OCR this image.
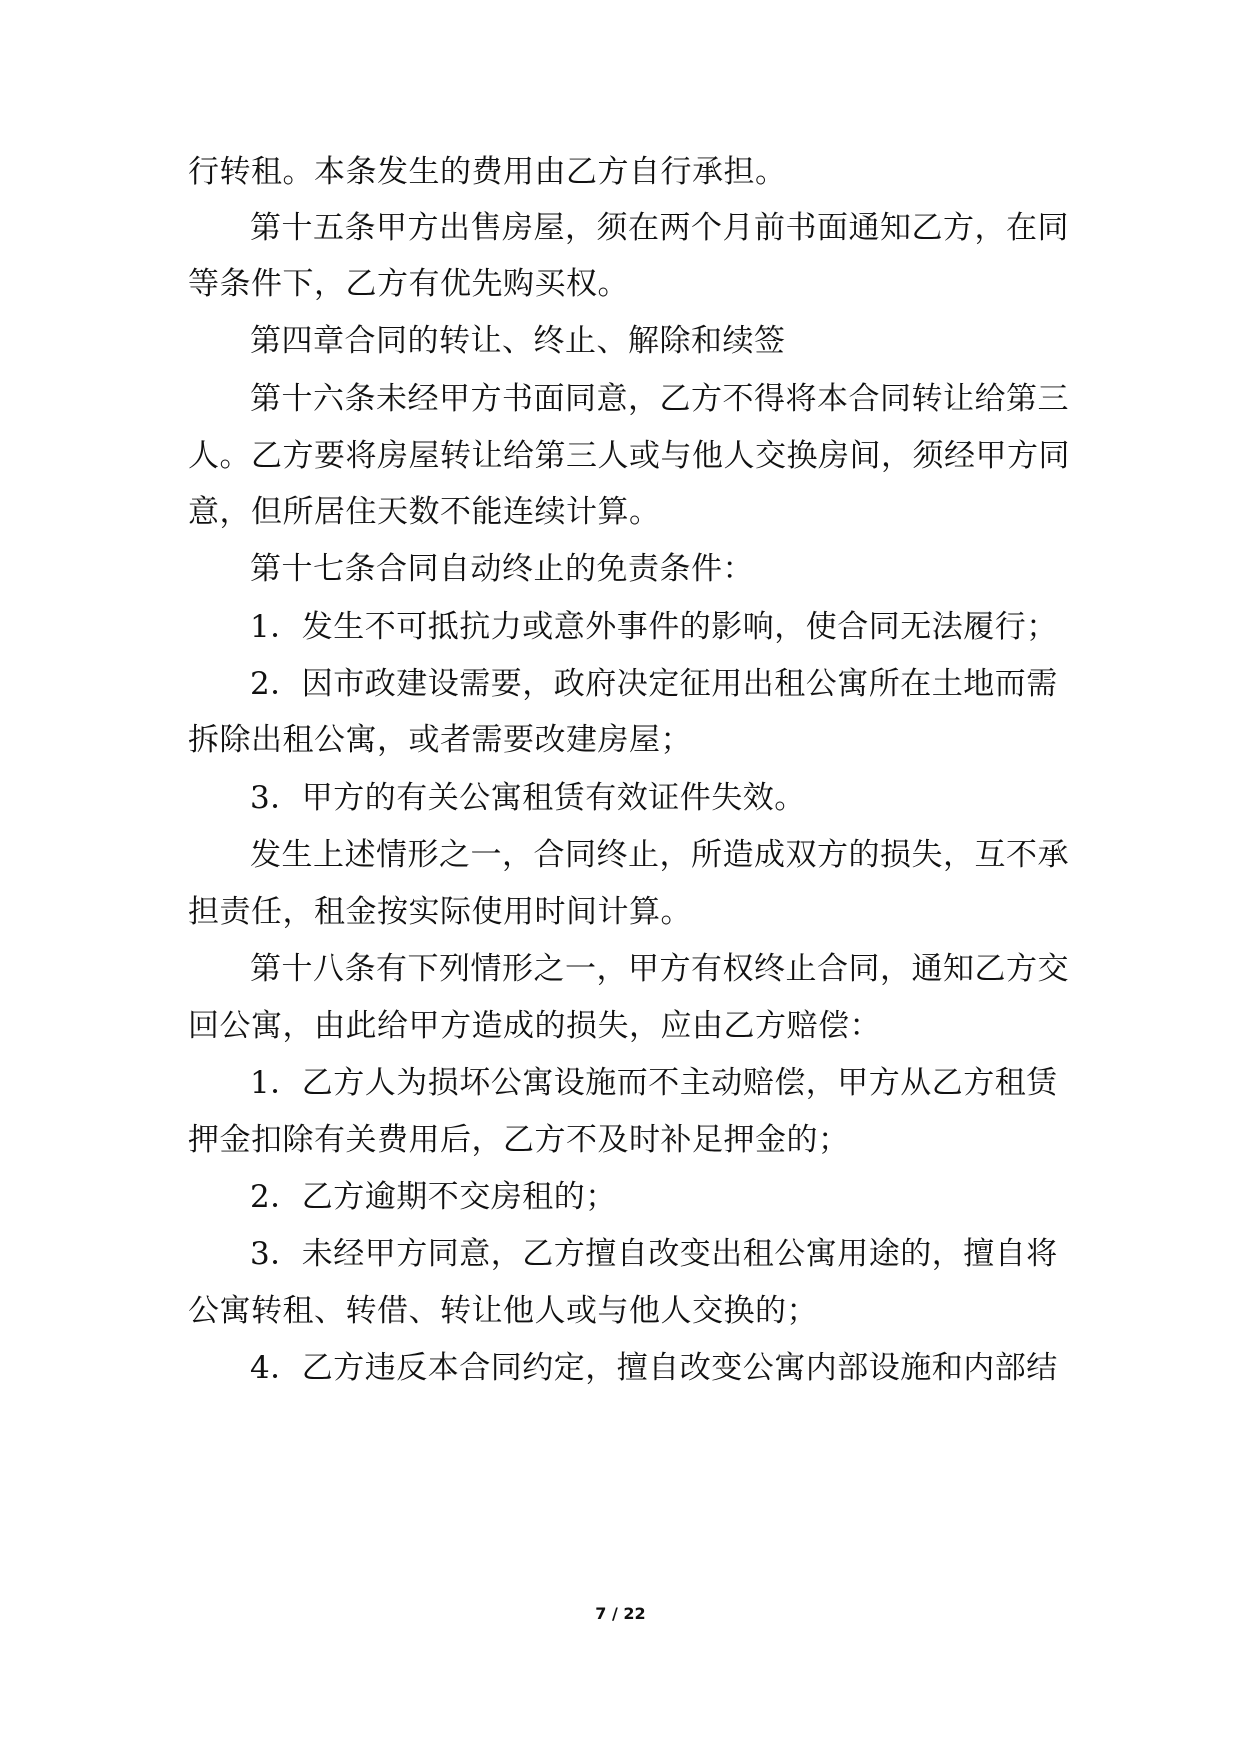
行转租。本条发生的费用由乙方自行承担。
第十五条甲方出售房屋，须在两个月前书面通知乙方，在同
等条件下，乙方有优先购买权。
第四章合同的转让、终止、解除和续签
第十六条未经甲方书面同意，乙方不得将本合同转让给第三
人。乙方要将房屋转让给第三人或与他人交换房间，须经甲方同
意，但所居住天数不能连续计算。
第十七条合同自动终止的免责条件：
1．发生不可抵抗力或意外事件的影响，使合同无法履行；
2．因市政建设需要，政府决定征用出租公寓所在土地而需
拆除出租公寓，或者需要改建房屋；
3．甲方的有关公寓租赁有效证件失效。
发生上述情形之一，合同终止，所造成双方的损失，互不承
担责任，租金按实际使用时间计算。
第十八条有下列情形之一，甲方有权终止合同，通知乙方交
回公寓，由此给甲方造成的损失，应由乙方赔偿：
1．乙方人为损坏公寓设施而不主动赔偿，甲方从乙方租赁
押金扣除有关费用后，乙方不及时补足押金的；
2．乙方逾期不交房租的；
3．未经甲方同意，乙方擅自改变出租公寓用途的，擅自将
公寓转租、转借、转让他人或与他人交换的；
4．乙方违反本合同约定，擅自改变公寓内部设施和内部结
7 / 22
